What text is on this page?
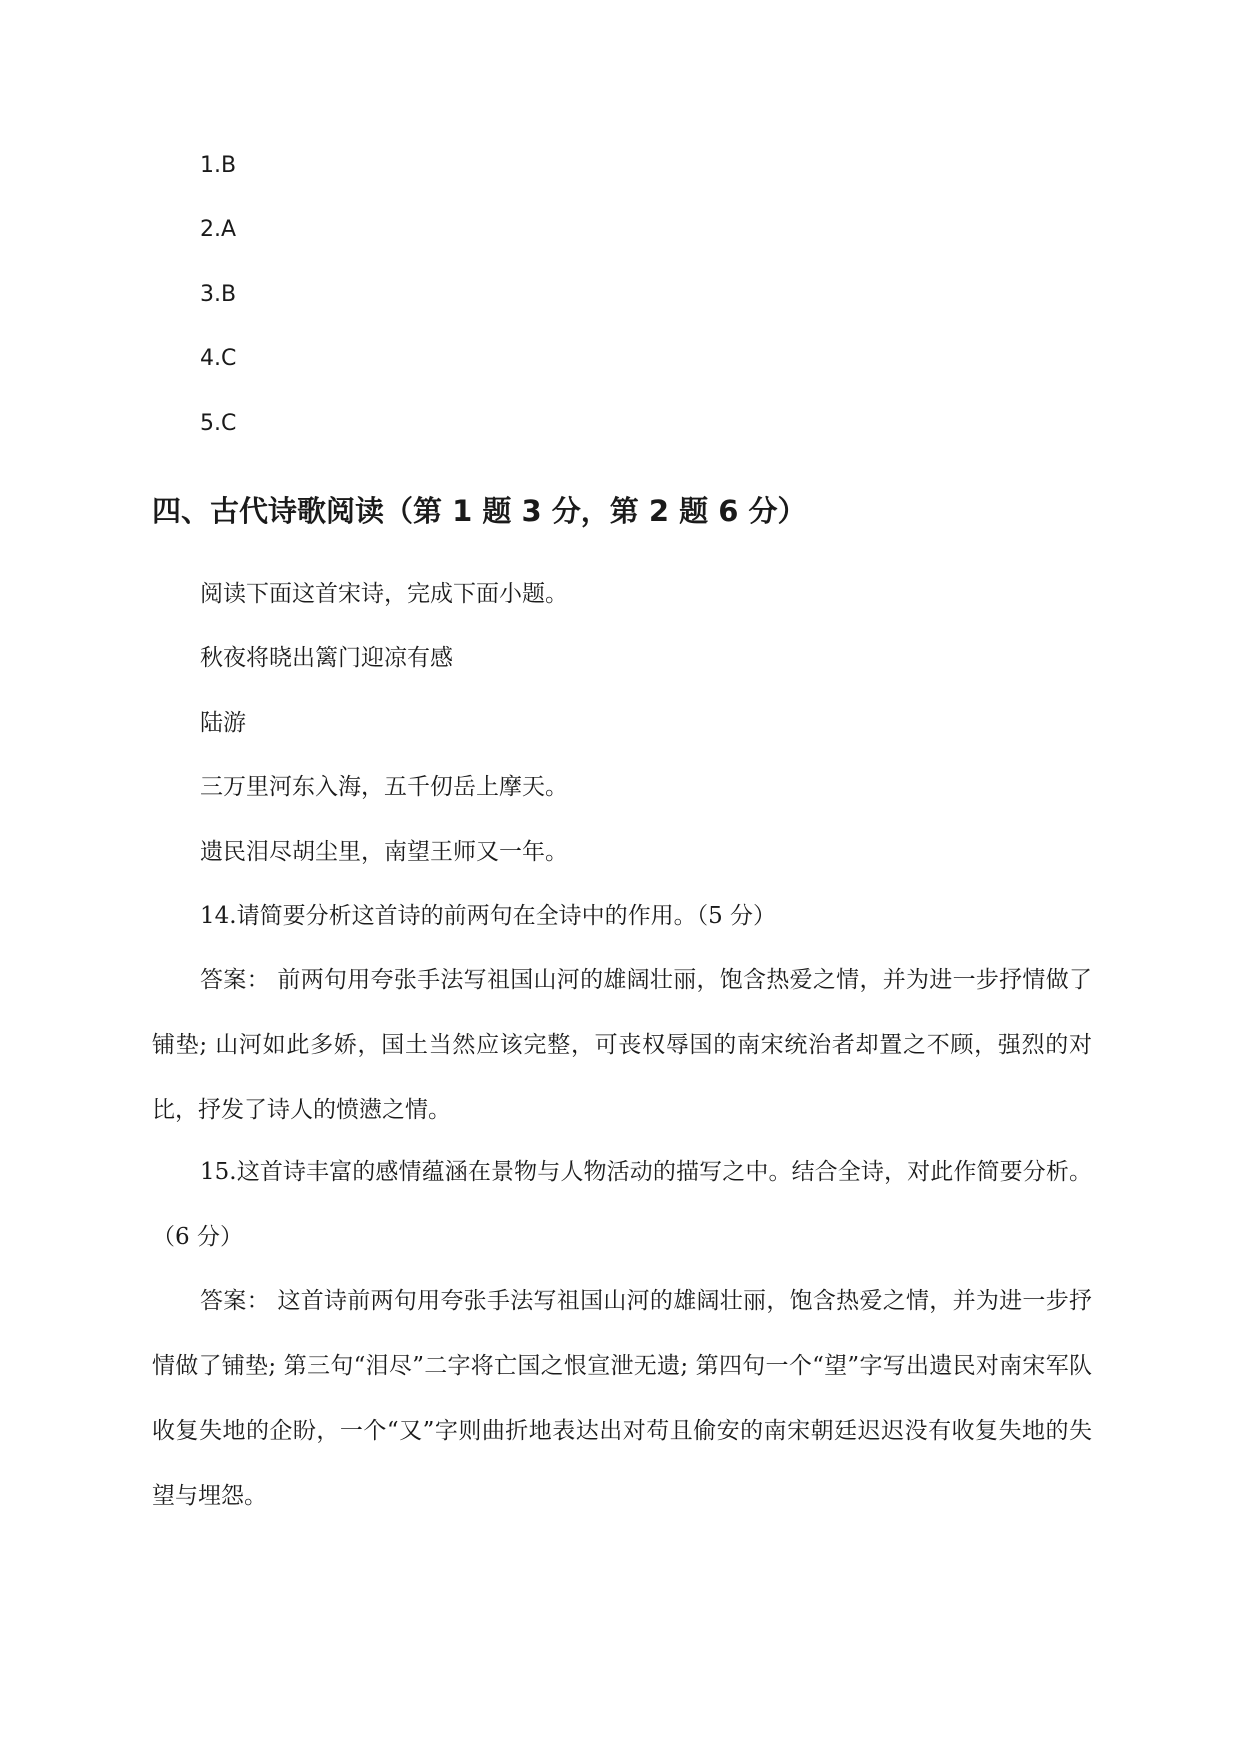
1.B
2.A
3.B
4.C
5.C
四、古代诗歌阅读（第 1 题 3 分，第 2 题 6 分）
阅读下面这首宋诗，完成下面小题。
秋夜将晓出篱门迎凉有感
陆游
三万里河东入海，五千仞岳上摩天。
遗民泪尽胡尘里，南望王师又一年。
14.请简要分析这首诗的前两句在全诗中的作用。（5 分）
答案： 前两句用夸张手法写祖国山河的雄阔壮丽，饱含热爱之情，并为进一步抒情做了铺垫; 山河如此多娇，国土当然应该完整，可丧权辱国的南宋统治者却置之不顾，强烈的对比，抒发了诗人的愤懑之情。
15.这首诗丰富的感情蕴涵在景物与人物活动的描写之中。结合全诗，对此作简要分析。（6 分）
答案： 这首诗前两句用夸张手法写祖国山河的雄阔壮丽，饱含热爱之情，并为进一步抒情做了铺垫; 第三句“泪尽”二字将亡国之恨宣泄无遗; 第四句一个“望”字写出遗民对南宋军队收复失地的企盼，一个“又”字则曲折地表达出对苟且偷安的南宋朝廷迟迟没有收复失地的失望与埋怨。
